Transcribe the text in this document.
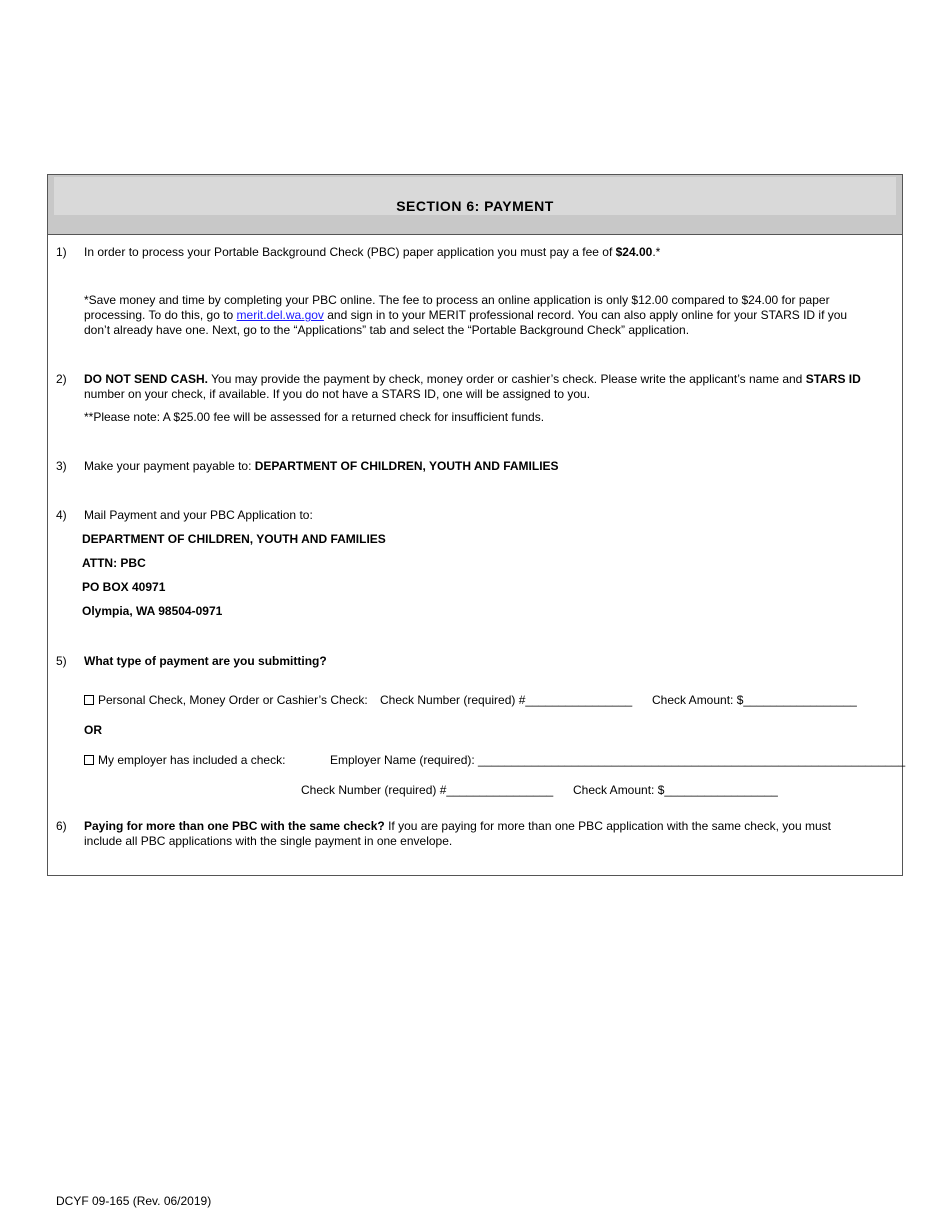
SECTION 6: PAYMENT
1) In order to process your Portable Background Check (PBC) paper application you must pay a fee of $24.00.*
*Save money and time by completing your PBC online. The fee to process an online application is only $12.00 compared to $24.00 for paper
processing. To do this, go to merit.del.wa.gov and sign in to your MERIT professional record. You can also apply online for your STARS ID if you
don’t already have one. Next, go to the “Applications” tab and select the “Portable Background Check” application.
2) DO NOT SEND CASH. You may provide the payment by check, money order or cashier’s check. Please write the applicant’s name and STARS ID
number on your check, if available. If you do not have a STARS ID, one will be assigned to you.
**Please note: A $25.00 fee will be assessed for a returned check for insufficient funds.
3) Make your payment payable to: DEPARTMENT OF CHILDREN, YOUTH AND FAMILIES
4) Mail Payment and your PBC Application to:
DEPARTMENT OF CHILDREN, YOUTH AND FAMILIES
ATTN: PBC
PO BOX 40971
Olympia, WA 98504-0971
5) What type of payment are you submitting?
Personal Check, Money Order or Cashier’s Check: Check Number (required) #________________ Check Amount: $_________________
OR
My employer has included a check:	Employer Name (required): ________________________________________________________________
Check Number (required) #________________ Check Amount: $_________________
6) Paying for more than one PBC with the same check? If you are paying for more than one PBC application with the same check, you must
include all PBC applications with the single payment in one envelope.
DCYF 09-165 (Rev. 06/2019)
